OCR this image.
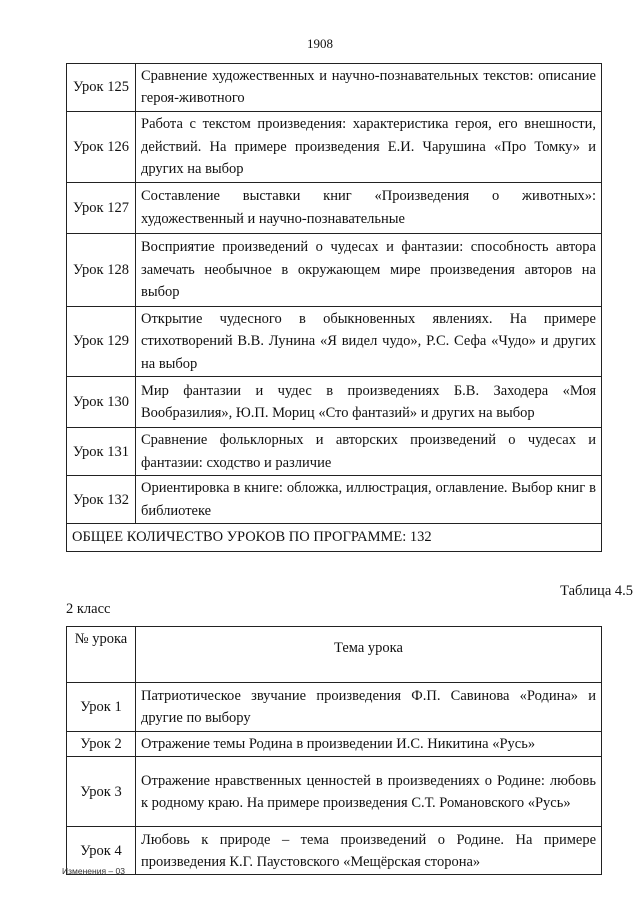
1908
Урок 125	Сравнение художественных и научно-познавательных текстов: описание героя-животного
Урок 126	Работа с текстом произведения: характеристика героя, его внешности, действий. На примере произведения Е.И. Чарушина «Про Томку» и других на выбор
Урок 127	Составление выставки книг «Произведения о животных»: художественный и научно-познавательные
Урок 128	Восприятие произведений о чудесах и фантазии: способность автора замечать необычное в окружающем мире произведения авторов на выбор
Урок 129	Открытие чудесного в обыкновенных явлениях. На примере стихотворений В.В. Лунина «Я видел чудо», Р.С. Сефа «Чудо» и других на выбор
Урок 130	Мир фантазии и чудес в произведениях Б.В. Заходера «Моя Вообразилия», Ю.П. Мориц «Сто фантазий» и других на выбор
Урок 131	Сравнение фольклорных и авторских произведений о чудесах и фантазии: сходство и различие
Урок 132	Ориентировка в книге: обложка, иллюстрация, оглавление. Выбор книг в библиотеке
ОБЩЕЕ КОЛИЧЕСТВО УРОКОВ ПО ПРОГРАММЕ: 132	
Таблица 4.5
2 класс
№ урока	Тема урока
Урок 1	Патриотическое звучание произведения Ф.П. Савинова «Родина» и другие по выбору
Урок 2	Отражение темы Родина в произведении И.С. Никитина «Русь»
Урок 3	Отражение нравственных ценностей в произведениях о Родине: любовь к родному краю. На примере произведения С.Т. Романовского «Русь»
Урок 4	Любовь к природе – тема произведений о Родине. На примере произведения К.Г. Паустовского «Мещёрская сторона»
Изменения – 03
